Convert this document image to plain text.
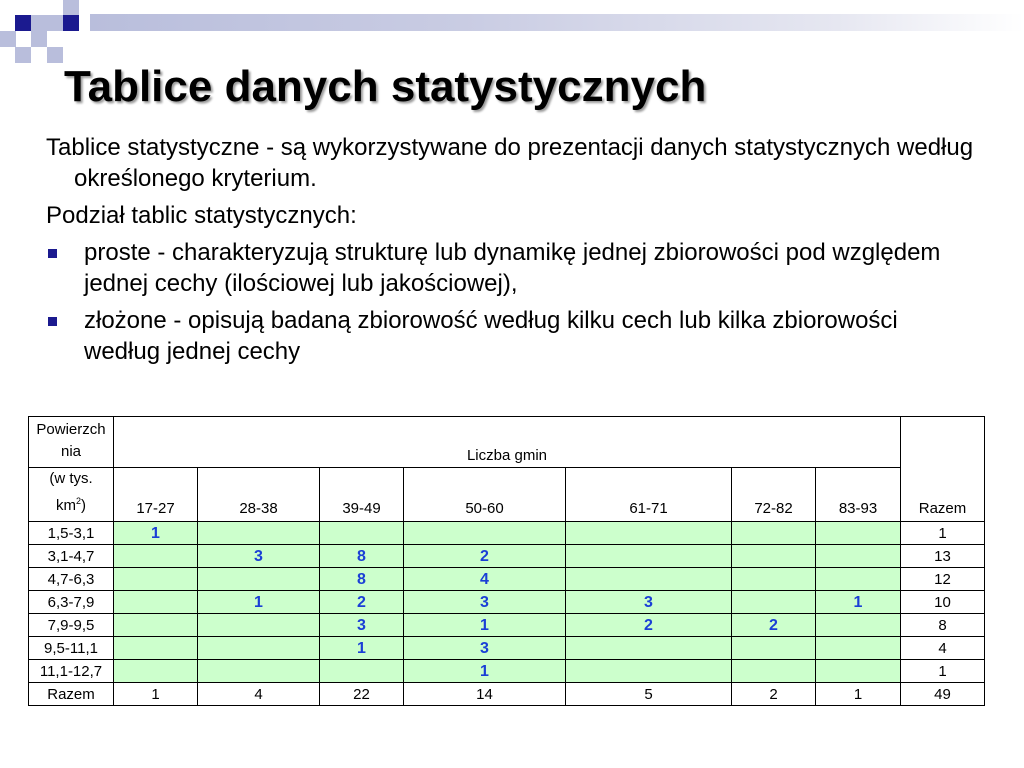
Tablice danych statystycznych

Tablice statystyczne - są wykorzystywane do prezentacji danych statystycznych według określonego kryterium.

Podział tablic statystycznych:

proste - charakteryzują strukturę lub dynamikę jednej zbiorowości pod względem jednej cechy (ilościowej lub jakościowej),
złożone - opisują badaną zbiorowość według kilku cech lub kilka zbiorowości według jednej cechy
Powierzch
nia	Liczba gmin							Razem
(w tys.
$km^2$)	17-27	28-38	39-49	50-60	61-71	72-82	83-93	
1,5-3,1	1							1
3,1-4,7		3	8	2				13
4,7-6,3			8	4				12
6,3-7,9		1	2	3	3		1	10
7,9-9,5			3	1	2	2		8
9,5-11,1			1	3				4
11,1-12,7				1				1
Razem	1	4	22	14	5	2	1	49
